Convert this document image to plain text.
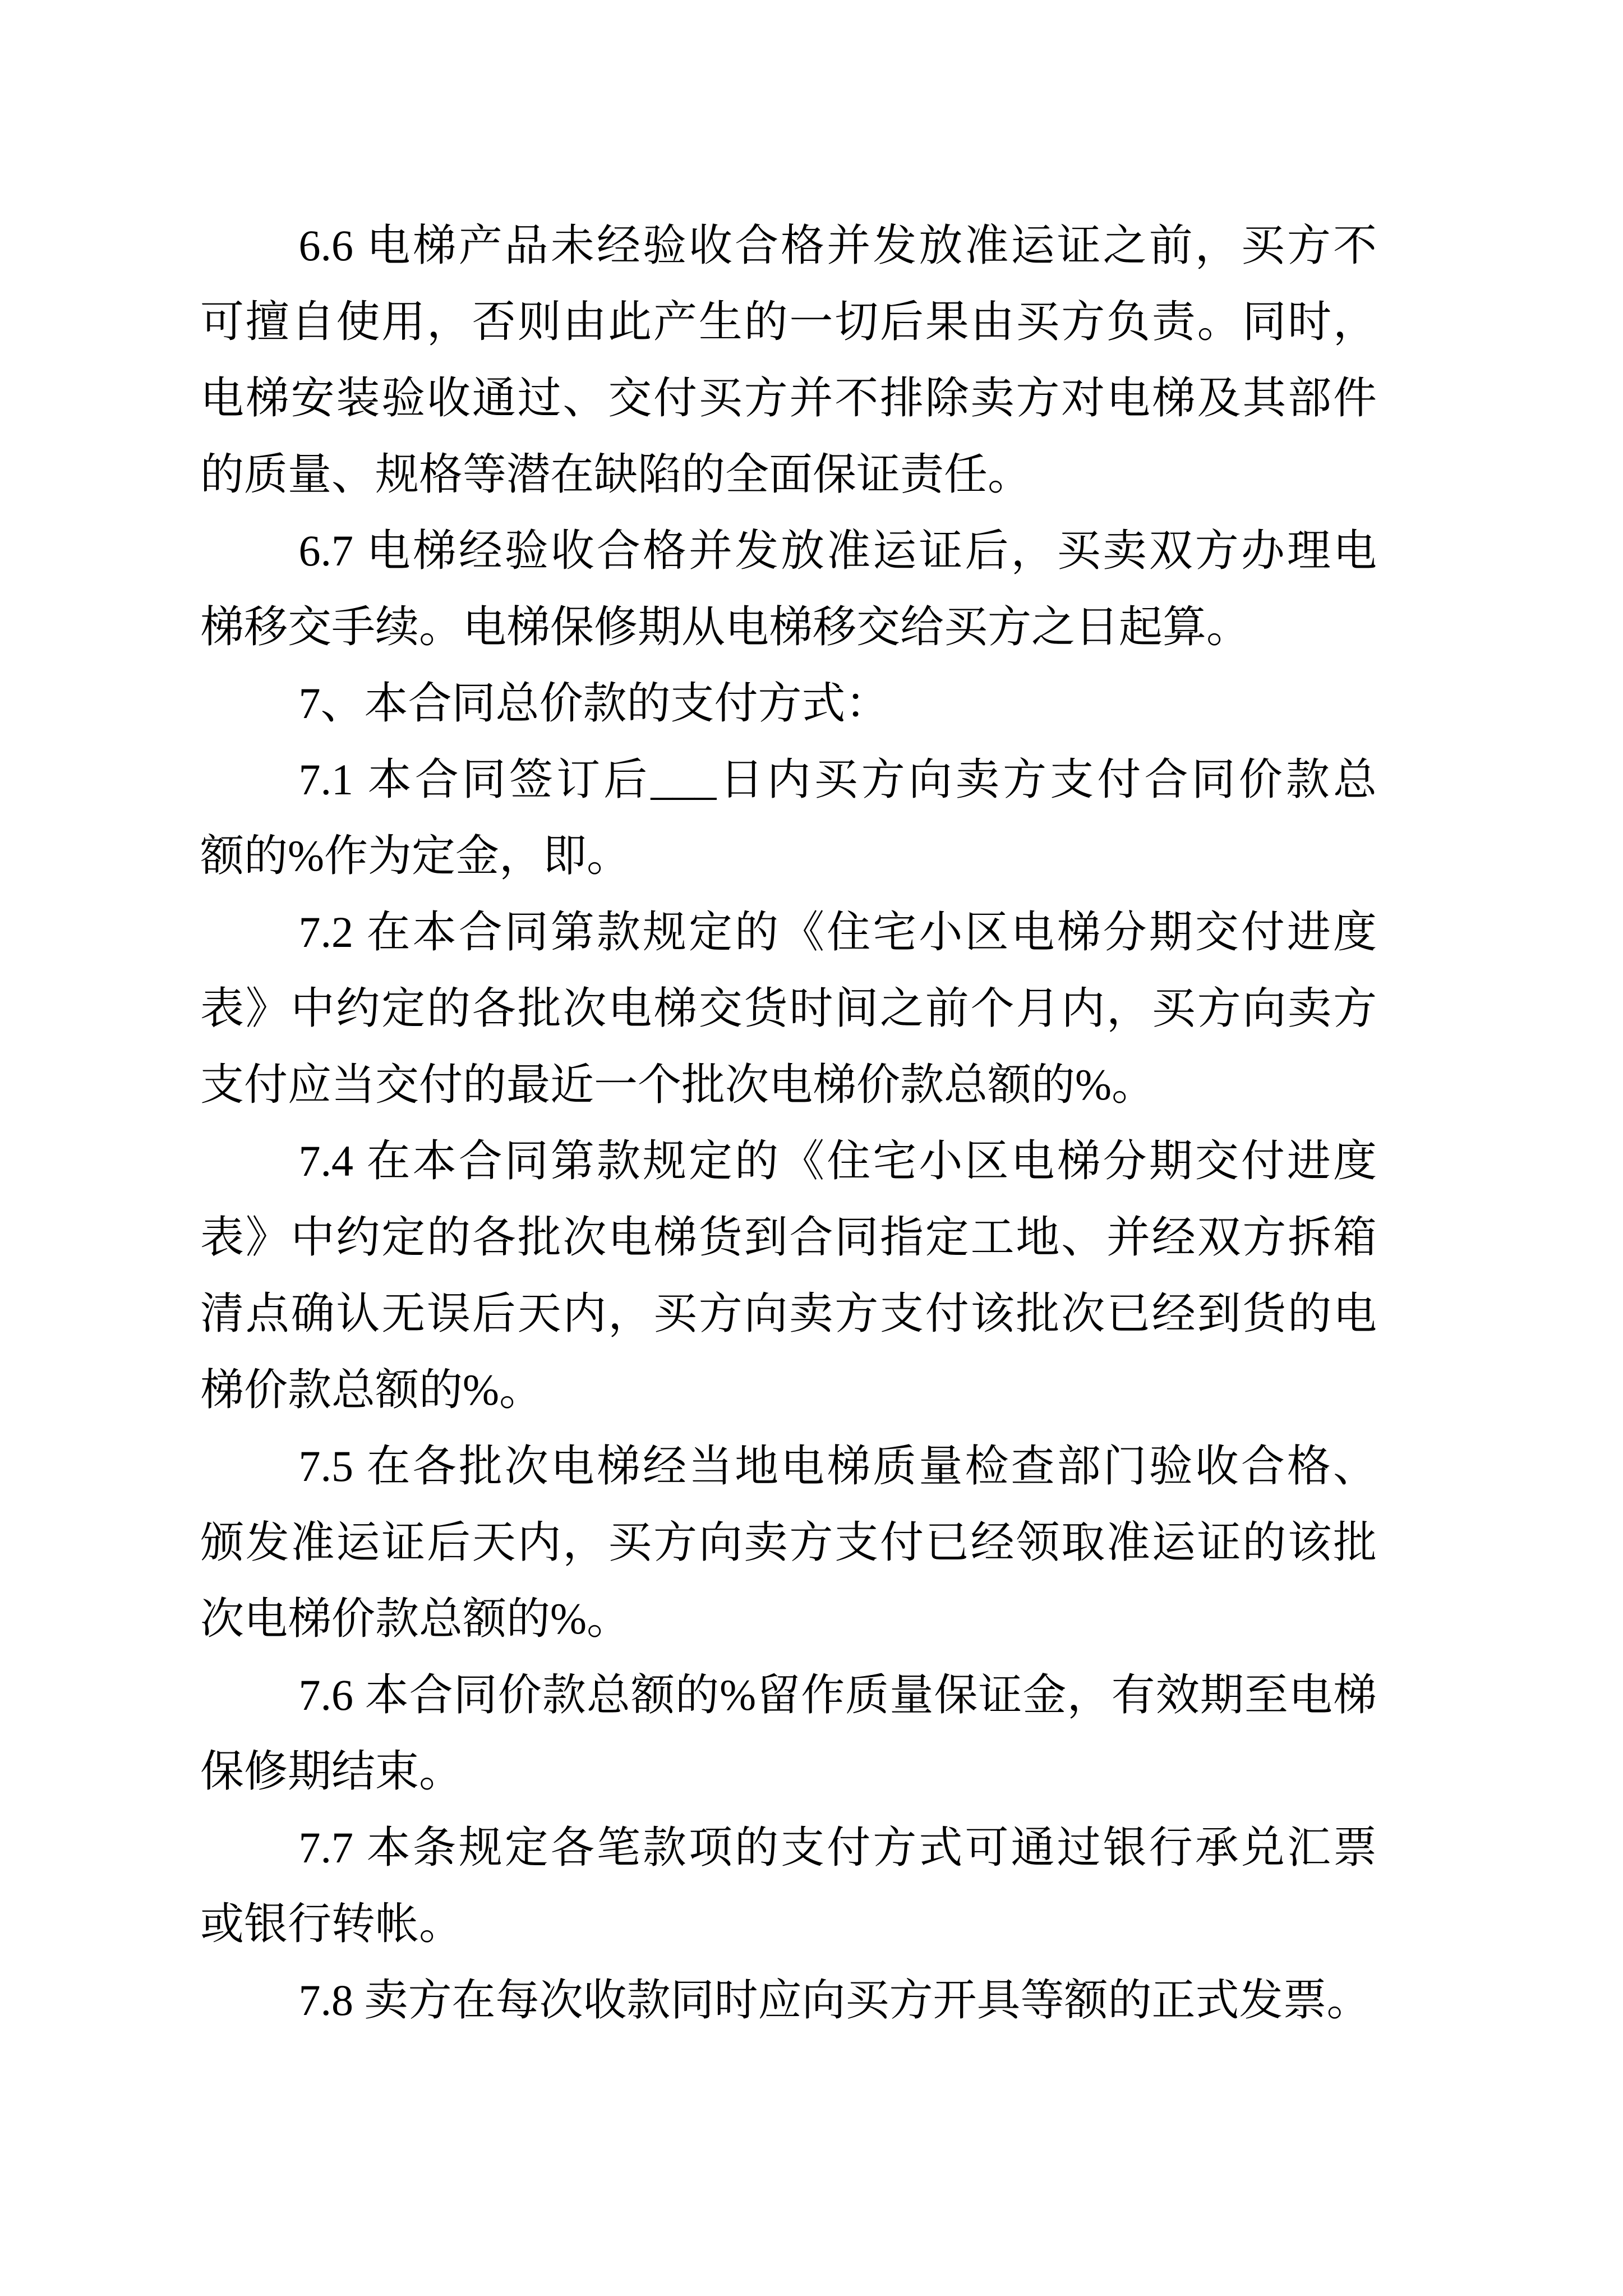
6.6 电梯产品未经验收合格并发放准运证之前，买方不
可擅自使用，否则由此产生的一切后果由买方负责。同时，
电梯安装验收通过、交付买方并不排除卖方对电梯及其部件
的质量、规格等潜在缺陷的全面保证责任。
6.7 电梯经验收合格并发放准运证后，买卖双方办理电
梯移交手续。电梯保修期从电梯移交给买方之日起算。
7、本合同总价款的支付方式：
7.1 本合同签订后___日内买方向卖方支付合同价款总
额的%作为定金，即。
7.2 在本合同第款规定的《住宅小区电梯分期交付进度
表》中约定的各批次电梯交货时间之前个月内，买方向卖方
支付应当交付的最近一个批次电梯价款总额的%。
7.4 在本合同第款规定的《住宅小区电梯分期交付进度
表》中约定的各批次电梯货到合同指定工地、并经双方拆箱
清点确认无误后天内，买方向卖方支付该批次已经到货的电
梯价款总额的%。
7.5 在各批次电梯经当地电梯质量检查部门验收合格、
颁发准运证后天内，买方向卖方支付已经领取准运证的该批
次电梯价款总额的%。
7.6 本合同价款总额的%留作质量保证金，有效期至电梯
保修期结束。
7.7 本条规定各笔款项的支付方式可通过银行承兑汇票
或银行转帐。
7.8 卖方在每次收款同时应向买方开具等额的正式发票。
